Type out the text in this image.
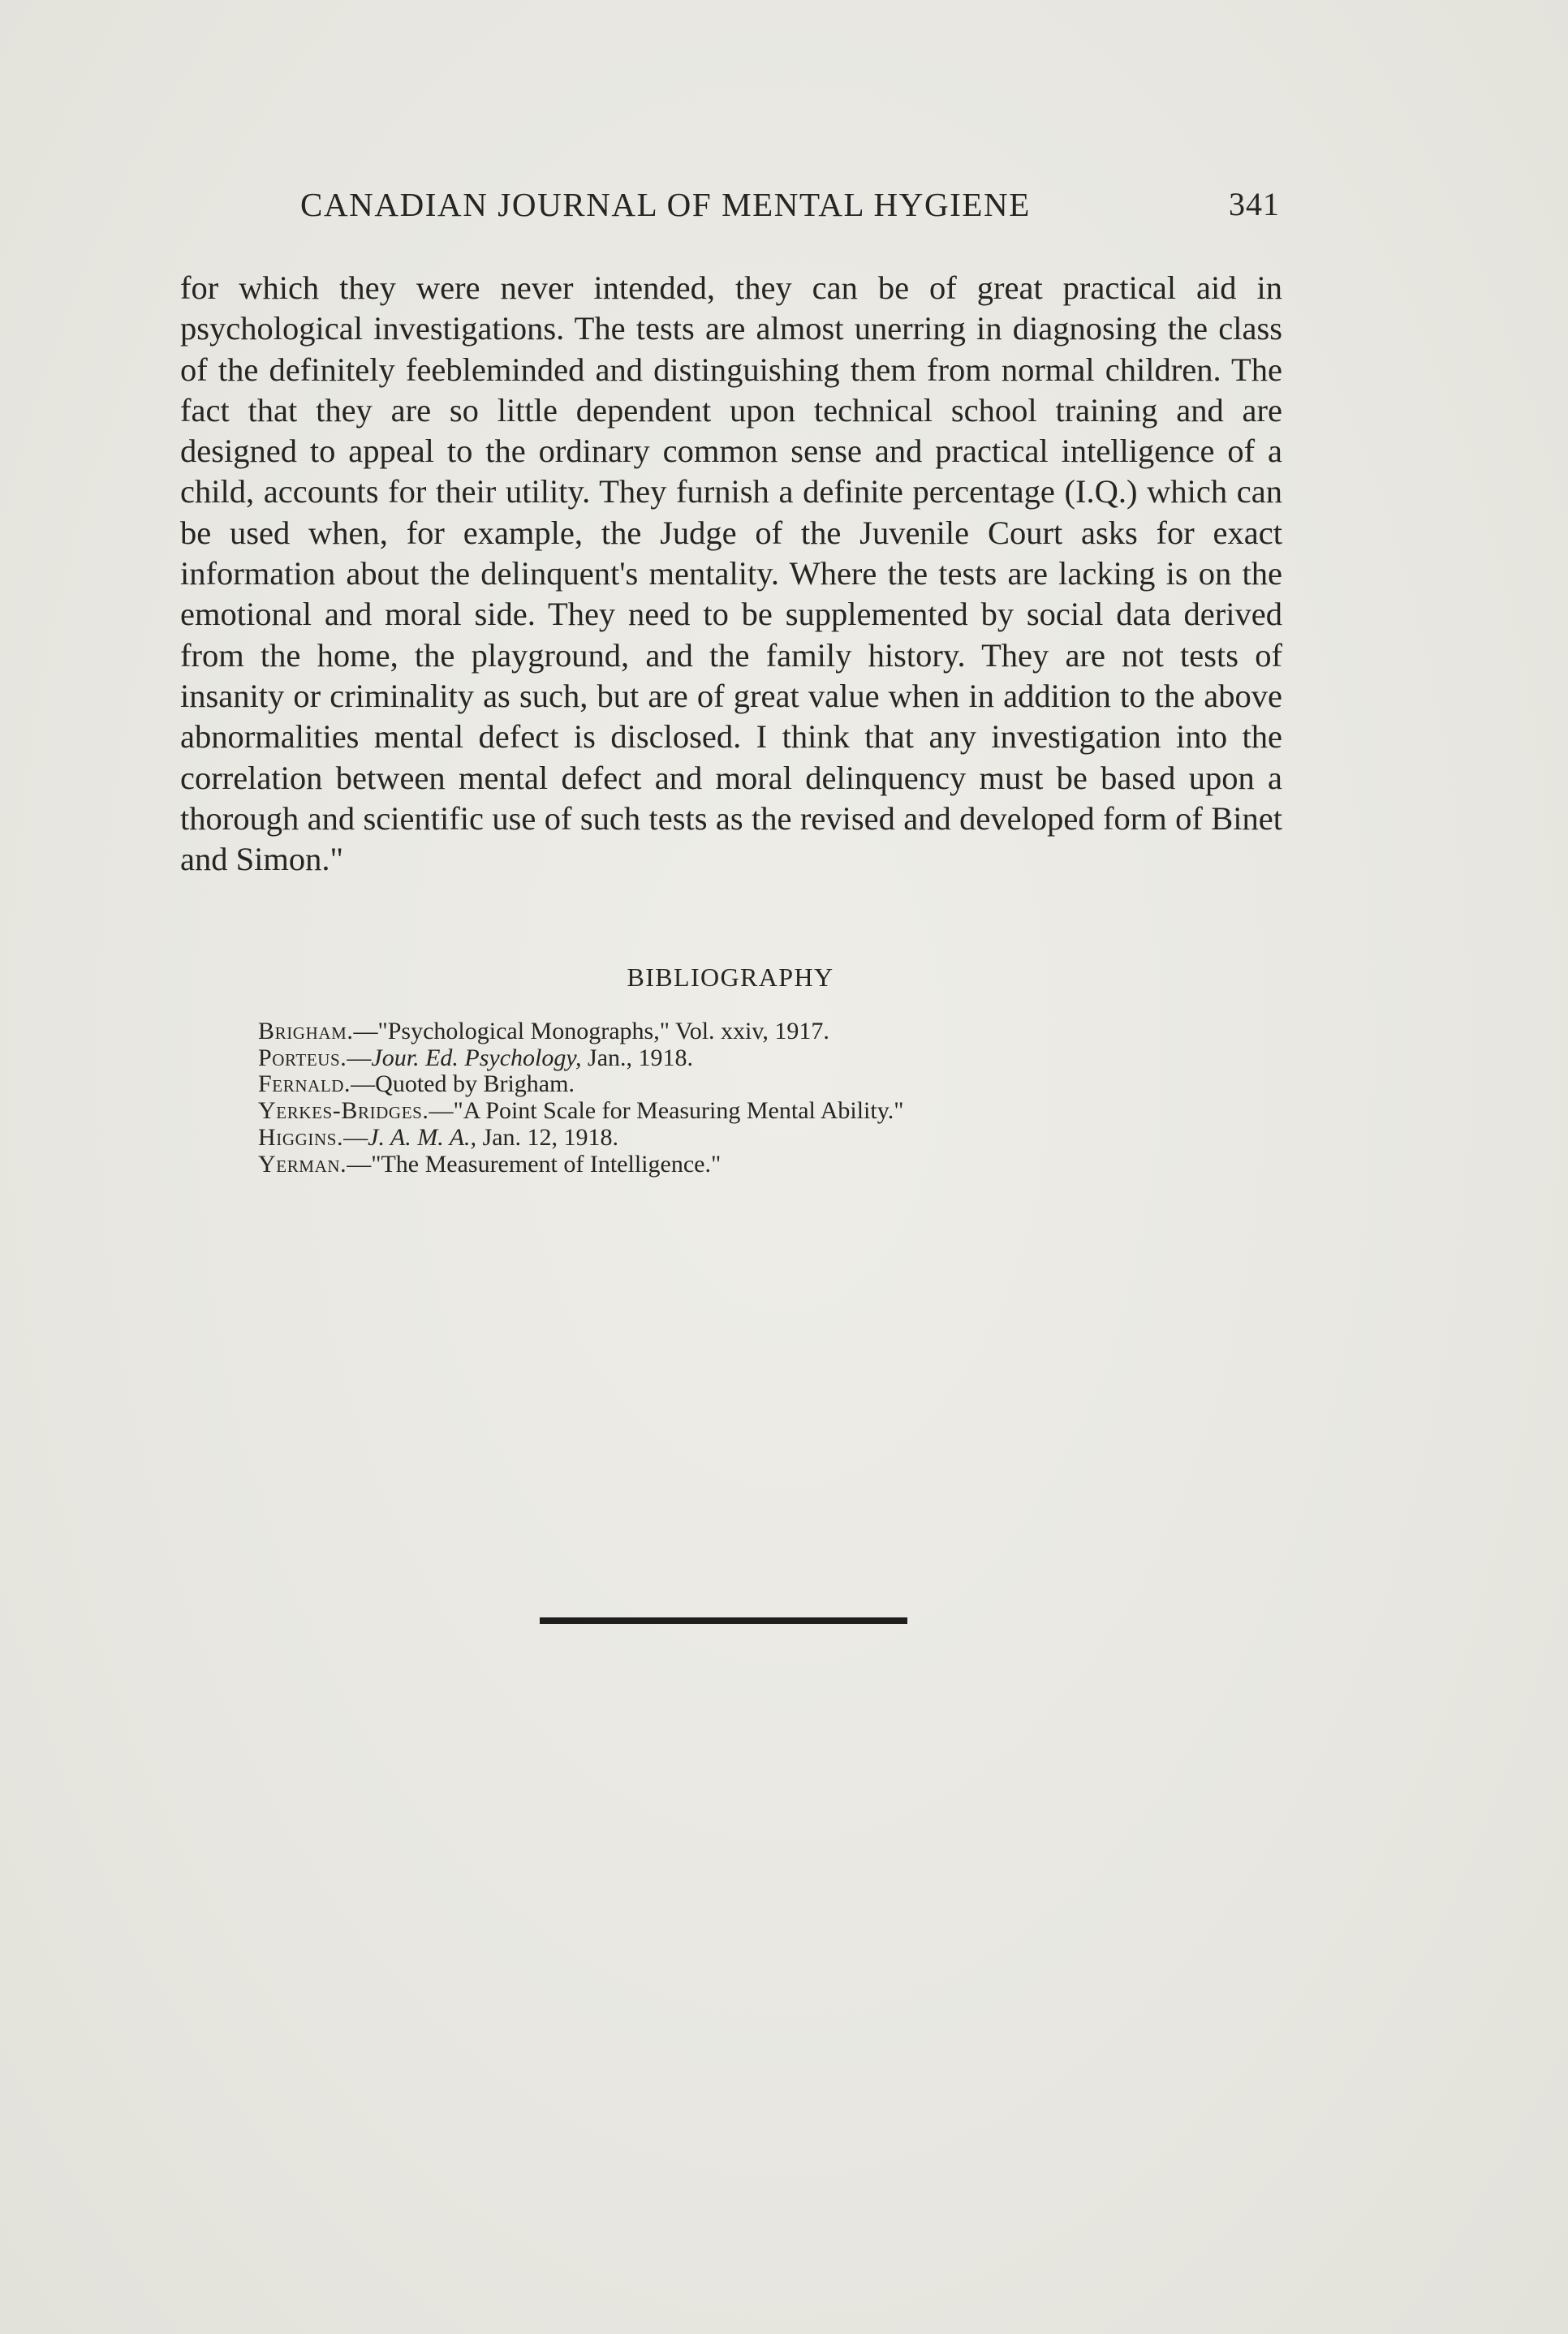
CANADIAN JOURNAL OF MENTAL HYGIENE	341

for which they were never intended, they can be of great practical aid in psychological investigations. The tests are almost unerring in diagnosing the class of the definitely feebleminded and distinguishing them from normal children. The fact that they are so little dependent upon technical school training and are designed to appeal to the ordinary common sense and practical intelligence of a child, accounts for their utility. They furnish a definite percentage (I.Q.) which can be used when, for example, the Judge of the Juvenile Court asks for exact information about the delinquent's mentality. Where the tests are lacking is on the emotional and moral side. They need to be supplemented by social data derived from the home, the playground, and the family history. They are not tests of insanity or criminality as such, but are of great value when in addition to the above abnormalities mental defect is disclosed. I think that any investigation into the correlation between mental defect and moral delinquency must be based upon a thorough and scientific use of such tests as the revised and developed form of Binet and Simon."

BIBLIOGRAPHY
Brigham.—"Psychological Monographs," Vol. xxiv, 1917.
Porteus.—Jour. Ed. Psychology, Jan., 1918.
Fernald.—Quoted by Brigham.
Yerkes-Bridges.—"A Point Scale for Measuring Mental Ability."
Higgins.—J. A. M. A., Jan. 12, 1918.
Yerman.—"The Measurement of Intelligence."
